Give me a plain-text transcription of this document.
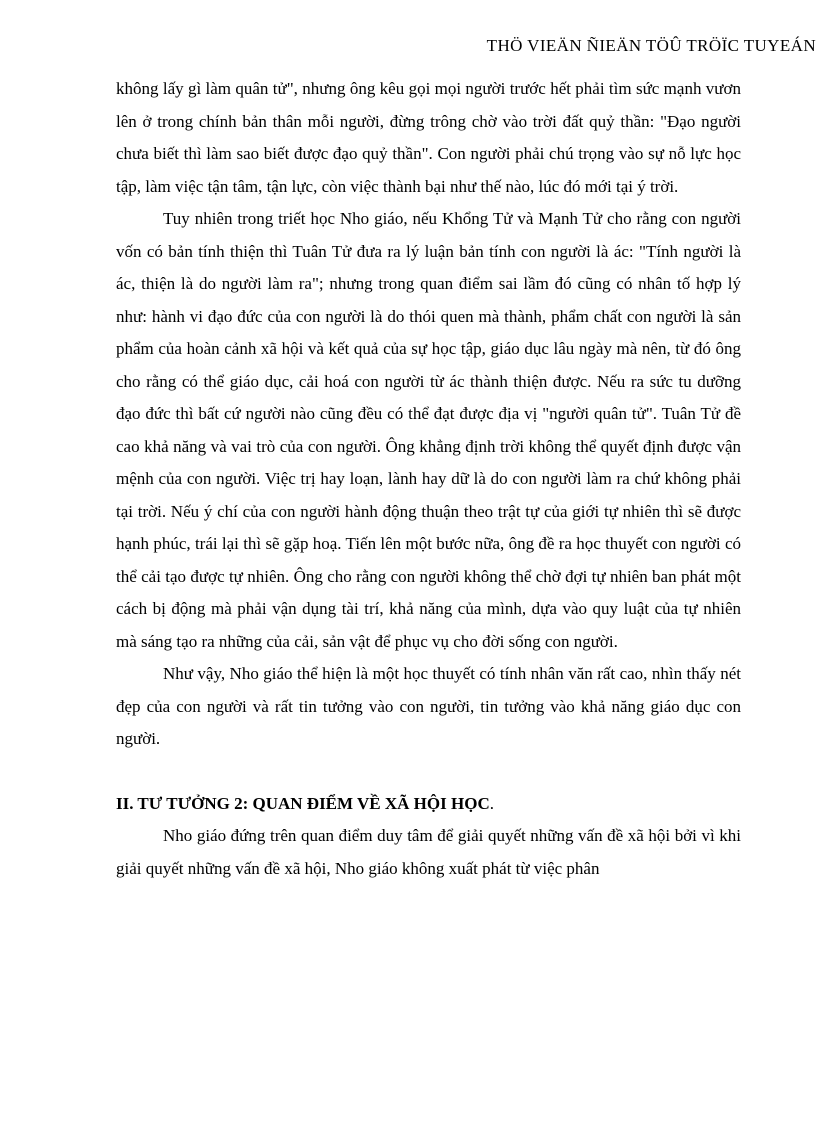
THÖ VIEÄN ÑIEÄN TÖÛ TRÖÏC TUYEÁN

không lấy gì làm quân tử", nhưng ông kêu gọi mọi người trước hết phải tìm sức mạnh vươn lên ở trong chính bản thân mỗi người, đừng trông chờ vào trời đất quỷ thần: "Đạo người chưa biết thì làm sao biết được đạo quỷ thần". Con người phải chú trọng vào sự nỗ lực học tập, làm việc tận tâm, tận lực, còn việc thành bại như thế nào, lúc đó mới tại ý trời.

Tuy nhiên trong triết học Nho giáo, nếu Khổng Tử và Mạnh Tử cho rằng con người vốn có bản tính thiện thì Tuân Tử đưa ra lý luận bản tính con người là ác: "Tính người là ác, thiện là do người làm ra"; nhưng trong quan điểm sai lầm đó cũng có nhân tố hợp lý như: hành vi đạo đức của con người là do thói quen mà thành, phẩm chất con người là sản phẩm của hoàn cảnh xã hội và kết quả của sự học tập, giáo dục lâu ngày mà nên, từ đó ông cho rằng có thể giáo dục, cải hoá con người từ ác thành thiện được. Nếu ra sức tu dưỡng đạo đức thì bất cứ người nào cũng đều có thể đạt được địa vị "người quân tử". Tuân Tử đề cao khả năng và vai trò của con người. Ông khẳng định trời không thể quyết định được vận mệnh của con người. Việc trị hay loạn, lành hay dữ là do con người làm ra chứ không phải tại trời. Nếu ý chí của con người hành động thuận theo trật tự của giới tự nhiên thì sẽ được hạnh phúc, trái lại thì sẽ gặp hoạ. Tiến lên một bước nữa, ông đề ra học thuyết con người có thể cải tạo được tự nhiên. Ông cho rằng con người không thể chờ đợi tự nhiên ban phát một cách bị động mà phải vận dụng tài trí, khả năng của mình, dựa vào quy luật của tự nhiên mà sáng tạo ra những của cải, sản vật để phục vụ cho đời sống con người.

Như vậy, Nho giáo thể hiện là một học thuyết có tính nhân văn rất cao, nhìn thấy nét đẹp của con người và rất tin tưởng vào con người, tin tưởng vào khả năng giáo dục con người.

II. TƯ TƯỞNG 2: QUAN ĐIỂM VỀ XÃ HỘI HỌC.

Nho giáo đứng trên quan điểm duy tâm để giải quyết những vấn đề xã hội bởi vì khi giải quyết những vấn đề xã hội, Nho giáo không xuất phát từ việc phân
